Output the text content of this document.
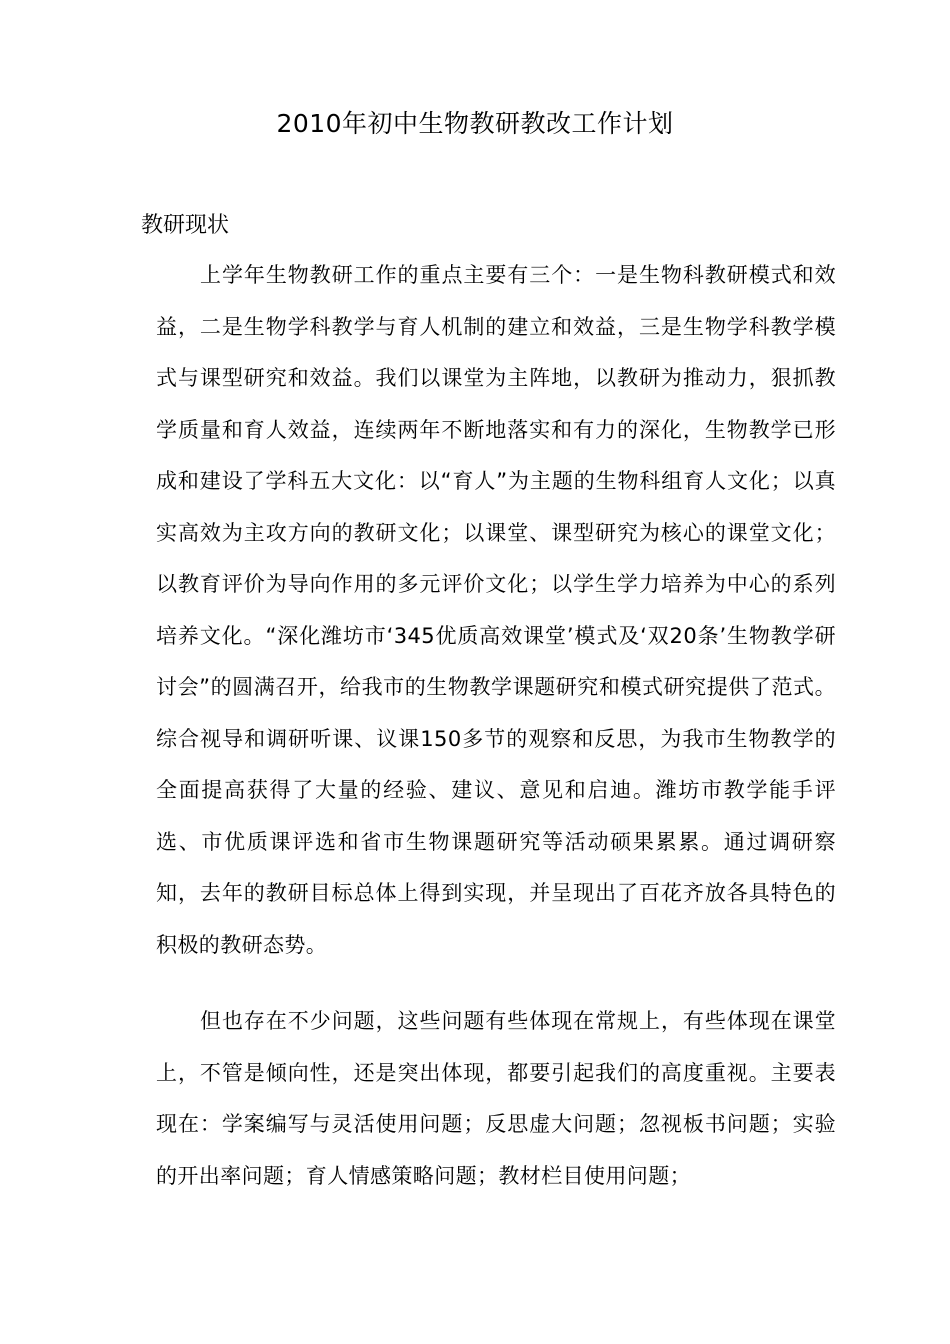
2010年初中生物教研教改工作计划
教研现状

上学年生物教研工作的重点主要有三个：一是生物科教研模式和效益，二是生物学科教学与育人机制的建立和效益，三是生物学科教学模式与课型研究和效益。我们以课堂为主阵地，以教研为推动力，狠抓教学质量和育人效益，连续两年不断地落实和有力的深化，生物教学已形成和建设了学科五大文化：以“育人”为主题的生物科组育人文化；以真实高效为主攻方向的教研文化；以课堂、课型研究为核心的课堂文化；以教育评价为导向作用的多元评价文化；以学生学力培养为中心的系列培养文化。“深化潍坊市‘345优质高效课堂’模式及‘双20条’生物教学研讨会”的圆满召开，给我市的生物教学课题研究和模式研究提供了范式。综合视导和调研听课、议课150多节的观察和反思，为我市生物教学的全面提高获得了大量的经验、建议、意见和启迪。潍坊市教学能手评选、市优质课评选和省市生物课题研究等活动硕果累累。通过调研察知，去年的教研目标总体上得到实现，并呈现出了百花齐放各具特色的积极的教研态势。

但也存在不少问题，这些问题有些体现在常规上，有些体现在课堂上，不管是倾向性，还是突出体现，都要引起我们的高度重视。主要表现在：学案编写与灵活使用问题；反思虚大问题；忽视板书问题；实验的开出率问题；育人情感策略问题；教材栏目使用问题；
